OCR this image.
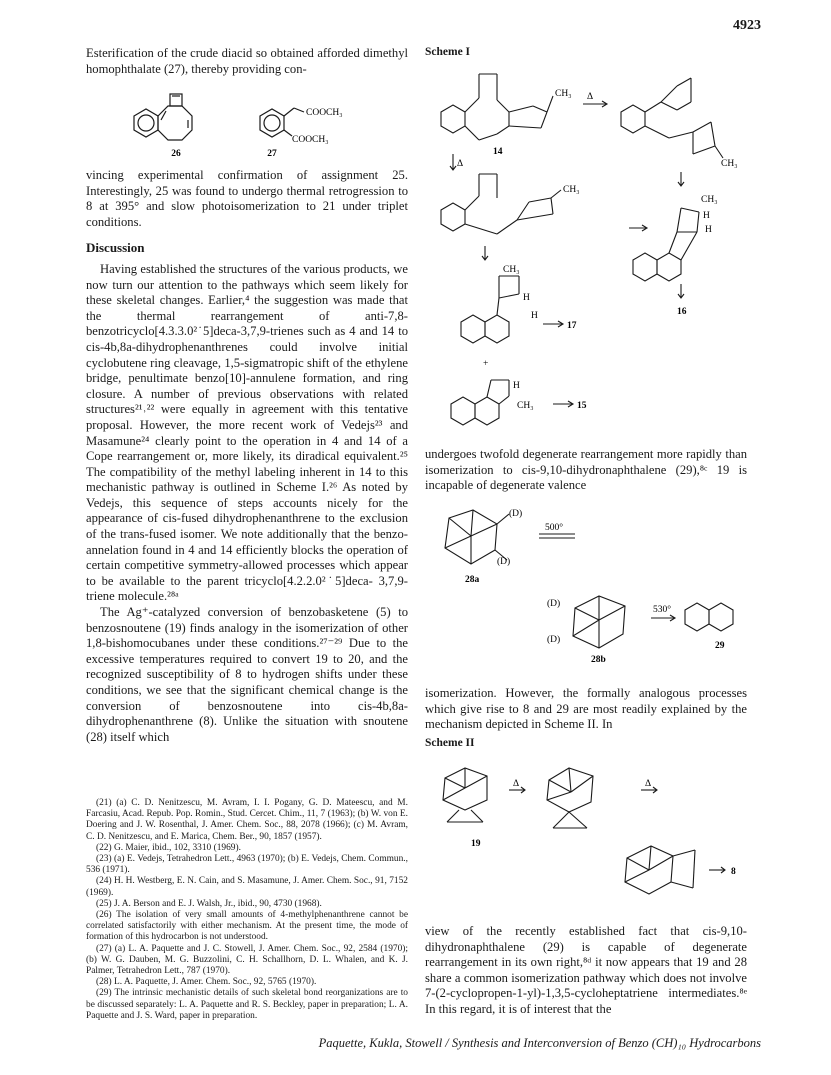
4923

Esterification of the crude diacid so obtained afforded dimethyl homophthalate (27), thereby providing con-

26	27
COOCH₃
COOCH₃

vincing experimental confirmation of assignment 25. Interestingly, 25 was found to undergo thermal retrogression to 8 at 395° and slow photoisomerization to 21 under triplet conditions.

Discussion

Having established the structures of the various products, we now turn our attention to the pathways which seem likely for these skeletal changes. Earlier,⁴ the suggestion was made that the thermal rearrangement of anti-7,8-benzotricyclo[4.3.3.0²˙5]deca-3,7,9-trienes such as 4 and 14 to cis-4b,8a-dihydrophenanthrenes could involve initial cyclobutene ring cleavage, 1,5-sigmatropic shift of the ethylene bridge, penultimate benzo[10]-annulene formation, and ring closure. A number of previous observations with related structures²¹˒²² were equally in agreement with this tentative proposal. However, the more recent work of Vedejs²³ and Masamune²⁴ clearly point to the operation in 4 and 14 of a Cope rearrangement or, more likely, its diradical equivalent.²⁵ The compatibility of the methyl labeling inherent in 14 to this mechanistic pathway is outlined in Scheme I.²⁶ As noted by Vedejs, this sequence of steps accounts nicely for the appearance of cis-fused dihydrophenanthrene to the exclusion of the trans-fused isomer. We note additionally that the benzo-annelation found in 4 and 14 efficiently blocks the operation of certain competitive symmetry-allowed processes which appear to be available to the parent tricyclo[4.2.2.0²˙5]deca- 3,7,9-triene molecule.²⁸ᵃ

The Ag⁺-catalyzed conversion of benzobasketene (5) to benzosnoutene (19) finds analogy in the isomerization of other 1,8-bishomocubanes under these conditions.²⁷⁻²⁹ Due to the excessive temperatures required to convert 19 to 20, and the recognized susceptibility of 8 to hydrogen shifts under these conditions, we see that the significant chemical change is the conversion of benzosnoutene into cis-4b,8a-dihydrophenanthrene (8). Unlike the situation with snoutene (28) itself which

(21) (a) C. D. Nenitzescu, M. Avram, I. I. Pogany, G. D. Mateescu, and M. Farcasiu, Acad. Repub. Pop. Romin., Stud. Cercet. Chim., 11, 7 (1963); (b) W. von E. Doering and J. W. Rosenthal, J. Amer. Chem. Soc., 88, 2078 (1966); (c) M. Avram, C. D. Nenitzescu, and E. Marica, Chem. Ber., 90, 1857 (1957).

(22) G. Maier, ibid., 102, 3310 (1969).

(23) (a) E. Vedejs, Tetrahedron Lett., 4963 (1970); (b) E. Vedejs, Chem. Commun., 536 (1971).

(24) H. H. Westberg, E. N. Cain, and S. Masamune, J. Amer. Chem. Soc., 91, 7152 (1969).

(25) J. A. Berson and E. J. Walsh, Jr., ibid., 90, 4730 (1968).

(26) The isolation of very small amounts of 4-methylphenanthrene cannot be correlated satisfactorily with either mechanism. At the present time, the mode of formation of this hydrocarbon is not understood.

(27) (a) L. A. Paquette and J. C. Stowell, J. Amer. Chem. Soc., 92, 2584 (1970); (b) W. G. Dauben, M. G. Buzzolini, C. H. Schallhorn, D. L. Whalen, and K. J. Palmer, Tetrahedron Lett., 787 (1970).

(28) L. A. Paquette, J. Amer. Chem. Soc., 92, 5765 (1970).

(29) The intrinsic mechanistic details of such skeletal bond reorganizations are to be discussed separately: L. A. Paquette and R. S. Beckley, paper in preparation; L. A. Paquette and J. S. Ward, paper in preparation.

Scheme I
CH₃ Δ
CH₃
14
Δ
CH₃
CH₃
H
H
16
CH₃
H
H
17
+
H
CH₃	15

undergoes twofold degenerate rearrangement more rapidly than isomerization to cis-9,10-dihydronaphthalene (29),⁸ᶜ 19 is incapable of degenerate valence

(D)
(D)
500°
28a
(D)
(D)
530°
28b
29

isomerization. However, the formally analogous processes which give rise to 8 and 29 are most readily explained by the mechanism depicted in Scheme II. In

Scheme II
Δ	Δ
19
8

view of the recently established fact that cis-9,10-dihydronaphthalene (29) is capable of degenerate rearrangement in its own right,⁸ᵈ it now appears that 19 and 28 share a common isomerization pathway which does not involve 7-(2-cyclopropen-1-yl)-1,3,5-cycloheptatriene intermediates.⁸ᵉ In this regard, it is of interest that the

Paquette, Kukla, Stowell / Synthesis and Interconversion of Benzo (CH)₁₀ Hydrocarbons
